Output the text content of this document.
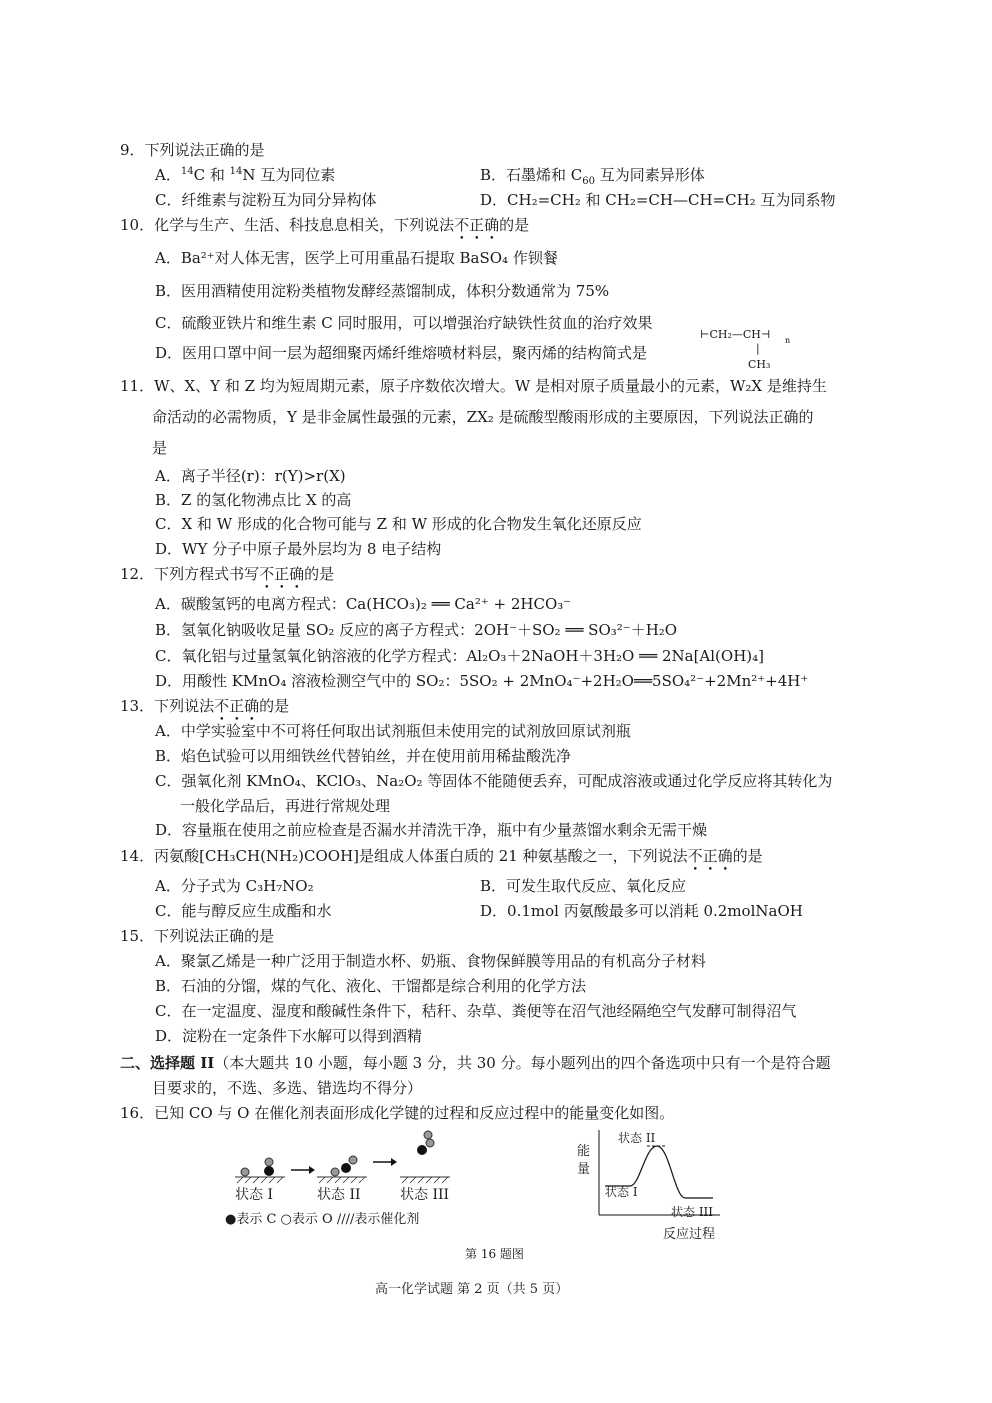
9．下列说法正确的是
A．$^{14}$C 和 $^{14}$N 互为同位素	B．石墨烯和 $C_{60}$ 互为同素异形体
C．纤维素与淀粉互为同分异构体	D．CH₂=CH₂ 和 CH₂=CH—CH=CH₂ 互为同系物
10．化学与生产、生活、科技息息相关，下列说法不正确的是
A．Ba²⁺对人体无害，医学上可用重晶石提取 BaSO₄ 作钡餐
B．医用酒精使用淀粉类植物发酵经蒸馏制成，体积分数通常为 75%
C．硫酸亚铁片和维生素 C 同时服用，可以增强治疗缺铁性贫血的治疗效果
D．医用口罩中间一层为超细聚丙烯纤维熔喷材料层，聚丙烯的结构简式是
⊢CH₂—CH⊣ n
|
CH₃
11．W、X、Y 和 Z 均为短周期元素，原子序数依次增大。W 是相对原子质量最小的元素，W₂X 是维持生
命活动的必需物质，Y 是非金属性最强的元素，ZX₂ 是硫酸型酸雨形成的主要原因，下列说法正确的
是
A．离子半径(r)：r(Y)>r(X)
B．Z 的氢化物沸点比 X 的高
C．X 和 W 形成的化合物可能与 Z 和 W 形成的化合物发生氧化还原反应
D．WY 分子中原子最外层均为 8 电子结构
12．下列方程式书写不正确的是
A．碳酸氢钙的电离方程式：Ca(HCO₃)₂ ══ Ca²⁺ + 2HCO₃⁻
B．氢氧化钠吸收足量 SO₂ 反应的离子方程式：2OH⁻＋SO₂ ══ SO₃²⁻＋H₂O
C．氧化铝与过量氢氧化钠溶液的化学方程式：Al₂O₃＋2NaOH＋3H₂O ══ 2Na[Al(OH)₄]
D．用酸性 KMnO₄ 溶液检测空气中的 SO₂：5SO₂ + 2MnO₄⁻+2H₂O══5SO₄²⁻+2Mn²⁺+4H⁺
13．下列说法不正确的是
A．中学实验室中不可将任何取出试剂瓶但未使用完的试剂放回原试剂瓶
B．焰色试验可以用细铁丝代替铂丝，并在使用前用稀盐酸洗净
C．强氧化剂 KMnO₄、KClO₃、Na₂O₂ 等固体不能随便丢弃，可配成溶液或通过化学反应将其转化为
一般化学品后，再进行常规处理
D．容量瓶在使用之前应检查是否漏水并清洗干净，瓶中有少量蒸馏水剩余无需干燥
14．丙氨酸[CH₃CH(NH₂)COOH]是组成人体蛋白质的 21 种氨基酸之一，下列说法不正确的是
A．分子式为 C₃H₇NO₂	B．可发生取代反应、氧化反应
C．能与醇反应生成酯和水	D．0.1mol 丙氨酸最多可以消耗 0.2molNaOH
15．下列说法正确的是
A．聚氯乙烯是一种广泛用于制造水杯、奶瓶、食物保鲜膜等用品的有机高分子材料
B．石油的分馏，煤的气化、液化、干馏都是综合利用的化学方法
C．在一定温度、湿度和酸碱性条件下，秸秆、杂草、粪便等在沼气池经隔绝空气发酵可制得沼气
D．淀粉在一定条件下水解可以得到酒精
二、选择题 II（本大题共 10 小题，每小题 3 分，共 30 分。每小题列出的四个备选项中只有一个是符合题
目要求的，不选、多选、错选均不得分）
16．已知 CO 与 O 在催化剂表面形成化学键的过程和反应过程中的能量变化如图。
状态 I	状态 II	状态 III
●表示 C ○表示 O ////表示催化剂
能
量
状态 II
状态 I
状态 III
反应过程
第 16 题图
高一化学试题 第 2 页（共 5 页）
